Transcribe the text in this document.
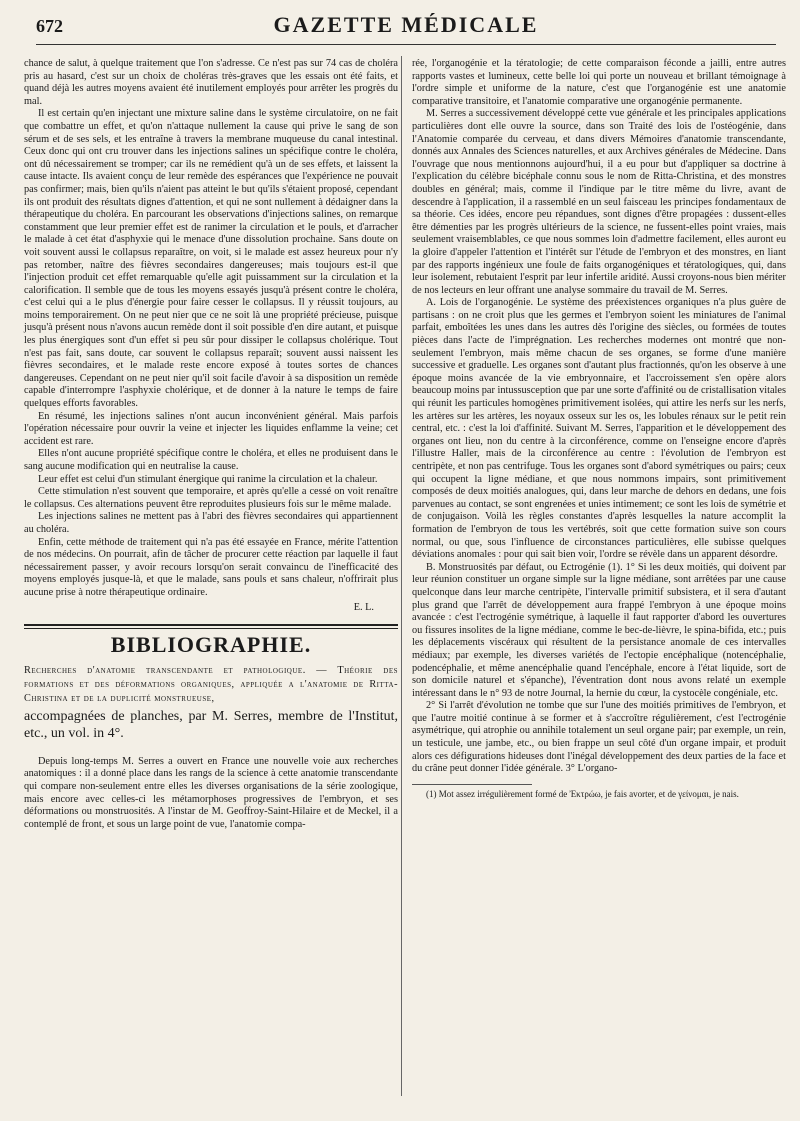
672	GAZETTE MÉDICALE

chance de salut, à quelque traitement que l'on s'adresse. Ce n'est pas sur 74 cas de choléra pris au hasard, c'est sur un choix de choléras très-graves que les essais ont été faits, et quand déjà les autres moyens avaient été inutilement employés pour arrêter les progrès du mal.

Il est certain qu'en injectant une mixture saline dans le système circulatoire, on ne fait que combattre un effet, et qu'on n'attaque nullement la cause qui prive le sang de son sérum et de ses sels, et les entraîne à travers la membrane muqueuse du canal intestinal. Ceux donc qui ont cru trouver dans les injections salines un spécifique contre le choléra, ont dû nécessairement se tromper; car ils ne remédient qu'à un de ses effets, et laissent la cause intacte. Ils avaient conçu de leur remède des espérances que l'expérience ne pouvait pas confirmer; mais, bien qu'ils n'aient pas atteint le but qu'ils s'étaient proposé, cependant ils ont produit des résultats dignes d'attention, et qui ne sont nullement à dédaigner dans la thérapeutique du choléra. En parcourant les observations d'injections salines, on remarque constamment que leur premier effet est de ranimer la circulation et le pouls, et d'arracher le malade à cet état d'asphyxie qui le menace d'une dissolution prochaine. Sans doute on voit souvent aussi le collapsus reparaître, on voit, si le malade est assez heureux pour n'y pas retomber, naître des fièvres secondaires dangereuses; mais toujours est-il que l'injection produit cet effet remarquable qu'elle agit puissamment sur la circulation et la calorification. Il semble que de tous les moyens essayés jusqu'à présent contre le choléra, c'est celui qui a le plus d'énergie pour faire cesser le collapsus. Il y réussit toujours, au moins temporairement. On ne peut nier que ce ne soit là une propriété précieuse, puisque jusqu'à présent nous n'avons aucun remède dont il soit possible d'en dire autant, et puisque les plus énergiques sont d'un effet si peu sûr pour dissiper le collapsus cholérique. Tout n'est pas fait, sans doute, car souvent le collapsus reparaît; souvent aussi naissent les fièvres secondaires, et le malade reste encore exposé à toutes sortes de chances dangereuses. Cependant on ne peut nier qu'il soit facile d'avoir à sa disposition un remède capable d'interrompre l'asphyxie cholérique, et de donner à la nature le temps de faire quelques efforts favorables.

En résumé, les injections salines n'ont aucun inconvénient général. Mais parfois l'opération nécessaire pour ouvrir la veine et injecter les liquides enflamme la veine; cet accident est rare.

Elles n'ont aucune propriété spécifique contre le choléra, et elles ne produisent dans le sang aucune modification qui en neutralise la cause.

Leur effet est celui d'un stimulant énergique qui ranime la circulation et la chaleur.

Cette stimulation n'est souvent que temporaire, et après qu'elle a cessé on voit renaître le collapsus. Ces alternations peuvent être reproduites plusieurs fois sur le même malade.

Les injections salines ne mettent pas à l'abri des fièvres secondaires qui appartiennent au choléra.

Enfin, cette méthode de traitement qui n'a pas été essayée en France, mérite l'attention de nos médecins. On pourrait, afin de tâcher de procurer cette réaction par laquelle il faut nécessairement passer, y avoir recours lorsqu'on serait convaincu de l'inefficacité des moyens employés jusque-là, et que le malade, sans pouls et sans chaleur, n'offrirait plus aucune prise à notre thérapeutique ordinaire.

E. L.
BIBLIOGRAPHIE.
Recherches d'anatomie transcendante et pathologique. — Théorie des formations et des déformations organiques, appliquée a l'anatomie de Ritta-Christina et de la duplicité monstrueuse,
accompagnées de planches, par M. Serres, membre de l'Institut, etc., un vol. in 4°.

Depuis long-temps M. Serres a ouvert en France une nouvelle voie aux recherches anatomiques : il a donné place dans les rangs de la science à cette anatomie transcendante qui compare non-seulement entre elles les diverses organisations de la série zoologique, mais encore avec celles-ci les métamorphoses progressives de l'embryon, et ses déformations ou monstruosités. A l'instar de M. Geoffroy-Saint-Hilaire et de Meckel, il a contemplé de front, et sous un large point de vue, l'anatomie compa-

rée, l'organogénie et la tératologie; de cette comparaison féconde a jailli, entre autres rapports vastes et lumineux, cette belle loi qui porte un nouveau et brillant témoignage à l'ordre simple et uniforme de la nature, c'est que l'organogénie est une anatomie comparative transitoire, et l'anatomie comparative une organogénie permanente.

M. Serres a successivement développé cette vue générale et les principales applications particulières dont elle ouvre la source, dans son Traité des lois de l'ostéogénie, dans l'Anatomie comparée du cerveau, et dans divers Mémoires d'anatomie transcendante, donnés aux Annales des Sciences naturelles, et aux Archives générales de Médecine. Dans l'ouvrage que nous mentionnons aujourd'hui, il a eu pour but d'appliquer sa doctrine à l'explication du célèbre bicéphale connu sous le nom de Ritta-Christina, et des monstres doubles en général; mais, comme il l'indique par le titre même du livre, avant de descendre à l'application, il a rassemblé en un seul faisceau les principes fondamentaux de sa théorie. Ces idées, encore peu répandues, sont dignes d'être propagées : dussent-elles être démenties par les progrès ultérieurs de la science, ne fussent-elles point vraies, mais seulement vraisemblables, ce que nous sommes loin d'admettre facilement, elles auront eu la gloire d'appeler l'attention et l'intérêt sur l'étude de l'embryon et des monstres, en liant par des rapports ingénieux une foule de faits organogéniques et tératologiques, qui, dans leur isolement, rebutaient l'esprit par leur infertile aridité. Aussi croyons-nous bien mériter de nos lecteurs en leur offrant une analyse sommaire du travail de M. Serres.

A. Lois de l'organogénie. Le système des préexistences organiques n'a plus guère de partisans : on ne croit plus que les germes et l'embryon soient les miniatures de l'animal parfait, emboîtées les unes dans les autres dès l'origine des siècles, ou formées de toutes pièces dans l'acte de l'imprégnation. Les recherches modernes ont montré que non-seulement l'embryon, mais même chacun de ses organes, se forme d'une manière successive et graduelle. Les organes sont d'autant plus fractionnés, qu'on les observe à une époque moins avancée de la vie embryonnaire, et l'accroissement s'en opère alors beaucoup moins par intussusception que par une sorte d'affinité ou de cristallisation vitales qui réunit les particules homogènes primitivement isolées, qui attire les nerfs sur les nerfs, les artères sur les artères, les noyaux osseux sur les os, les lobules rénaux sur le petit rein central, etc. : c'est la loi d'affinité. Suivant M. Serres, l'apparition et le développement des organes ont lieu, non du centre à la circonférence, comme on l'enseigne encore d'après l'illustre Haller, mais de la circonférence au centre : l'évolution de l'embryon est centripète, et non pas centrifuge. Tous les organes sont d'abord symétriques ou pairs; ceux qui occupent la ligne médiane, et que nous nommons impairs, sont primitivement composés de deux moitiés analogues, qui, dans leur marche de dehors en dedans, une fois parvenues au contact, se sont engrenées et unies intimement; ce sont les lois de symétrie et de conjugaison. Voilà les règles constantes d'après lesquelles la nature accomplit la formation de l'embryon de tous les vertébrés, soit que cette formation suive son cours normal, ou que, sous l'influence de circonstances particulières, elle subisse quelques déviations anomales : pour qui sait bien voir, l'ordre se révèle dans un apparent désordre.

B. Monstruosités par défaut, ou Ectrogénie (1). 1° Si les deux moitiés, qui doivent par leur réunion constituer un organe simple sur la ligne médiane, sont arrêtées par une cause quelconque dans leur marche centripète, l'intervalle primitif subsistera, et il sera d'autant plus grand que l'arrêt de développement aura frappé l'embryon à une époque moins avancée : c'est l'ectrogénie symétrique, à laquelle il faut rapporter d'abord les ouvertures ou fissures insolites de la ligne médiane, comme le bec-de-lièvre, le spina-bifida, etc.; puis les déplacements viscéraux qui résultent de la persistance anomale de ces intervalles médiaux; par exemple, les diverses variétés de l'ectopie encéphalique (notencéphalie, podencéphalie, et même anencéphalie quand l'encéphale, encore à l'état liquide, sort de son domicile naturel et s'épanche), l'éventration dont nous avons relaté un exemple intéressant dans le n° 93 de notre Journal, la hernie du cœur, la cystocèle congéniale, etc.

2° Si l'arrêt d'évolution ne tombe que sur l'une des moitiés primitives de l'embryon, et que l'autre moitié continue à se former et à s'accroître régulièrement, c'est l'ectrogénie asymétrique, qui atrophie ou annihile totalement un seul organe pair; par exemple, un rein, un testicule, une jambe, etc., ou bien frappe un seul côté d'un organe impair, et produit alors ces défigurations hideuses dont l'inégal développement des deux parties de la face et du crâne peut donner l'idée générale. 3° L'organo-

(1) Mot assez irrégulièrement formé de Ἐκτρώω, je fais avorter, et de γείνομαι, je nais.
